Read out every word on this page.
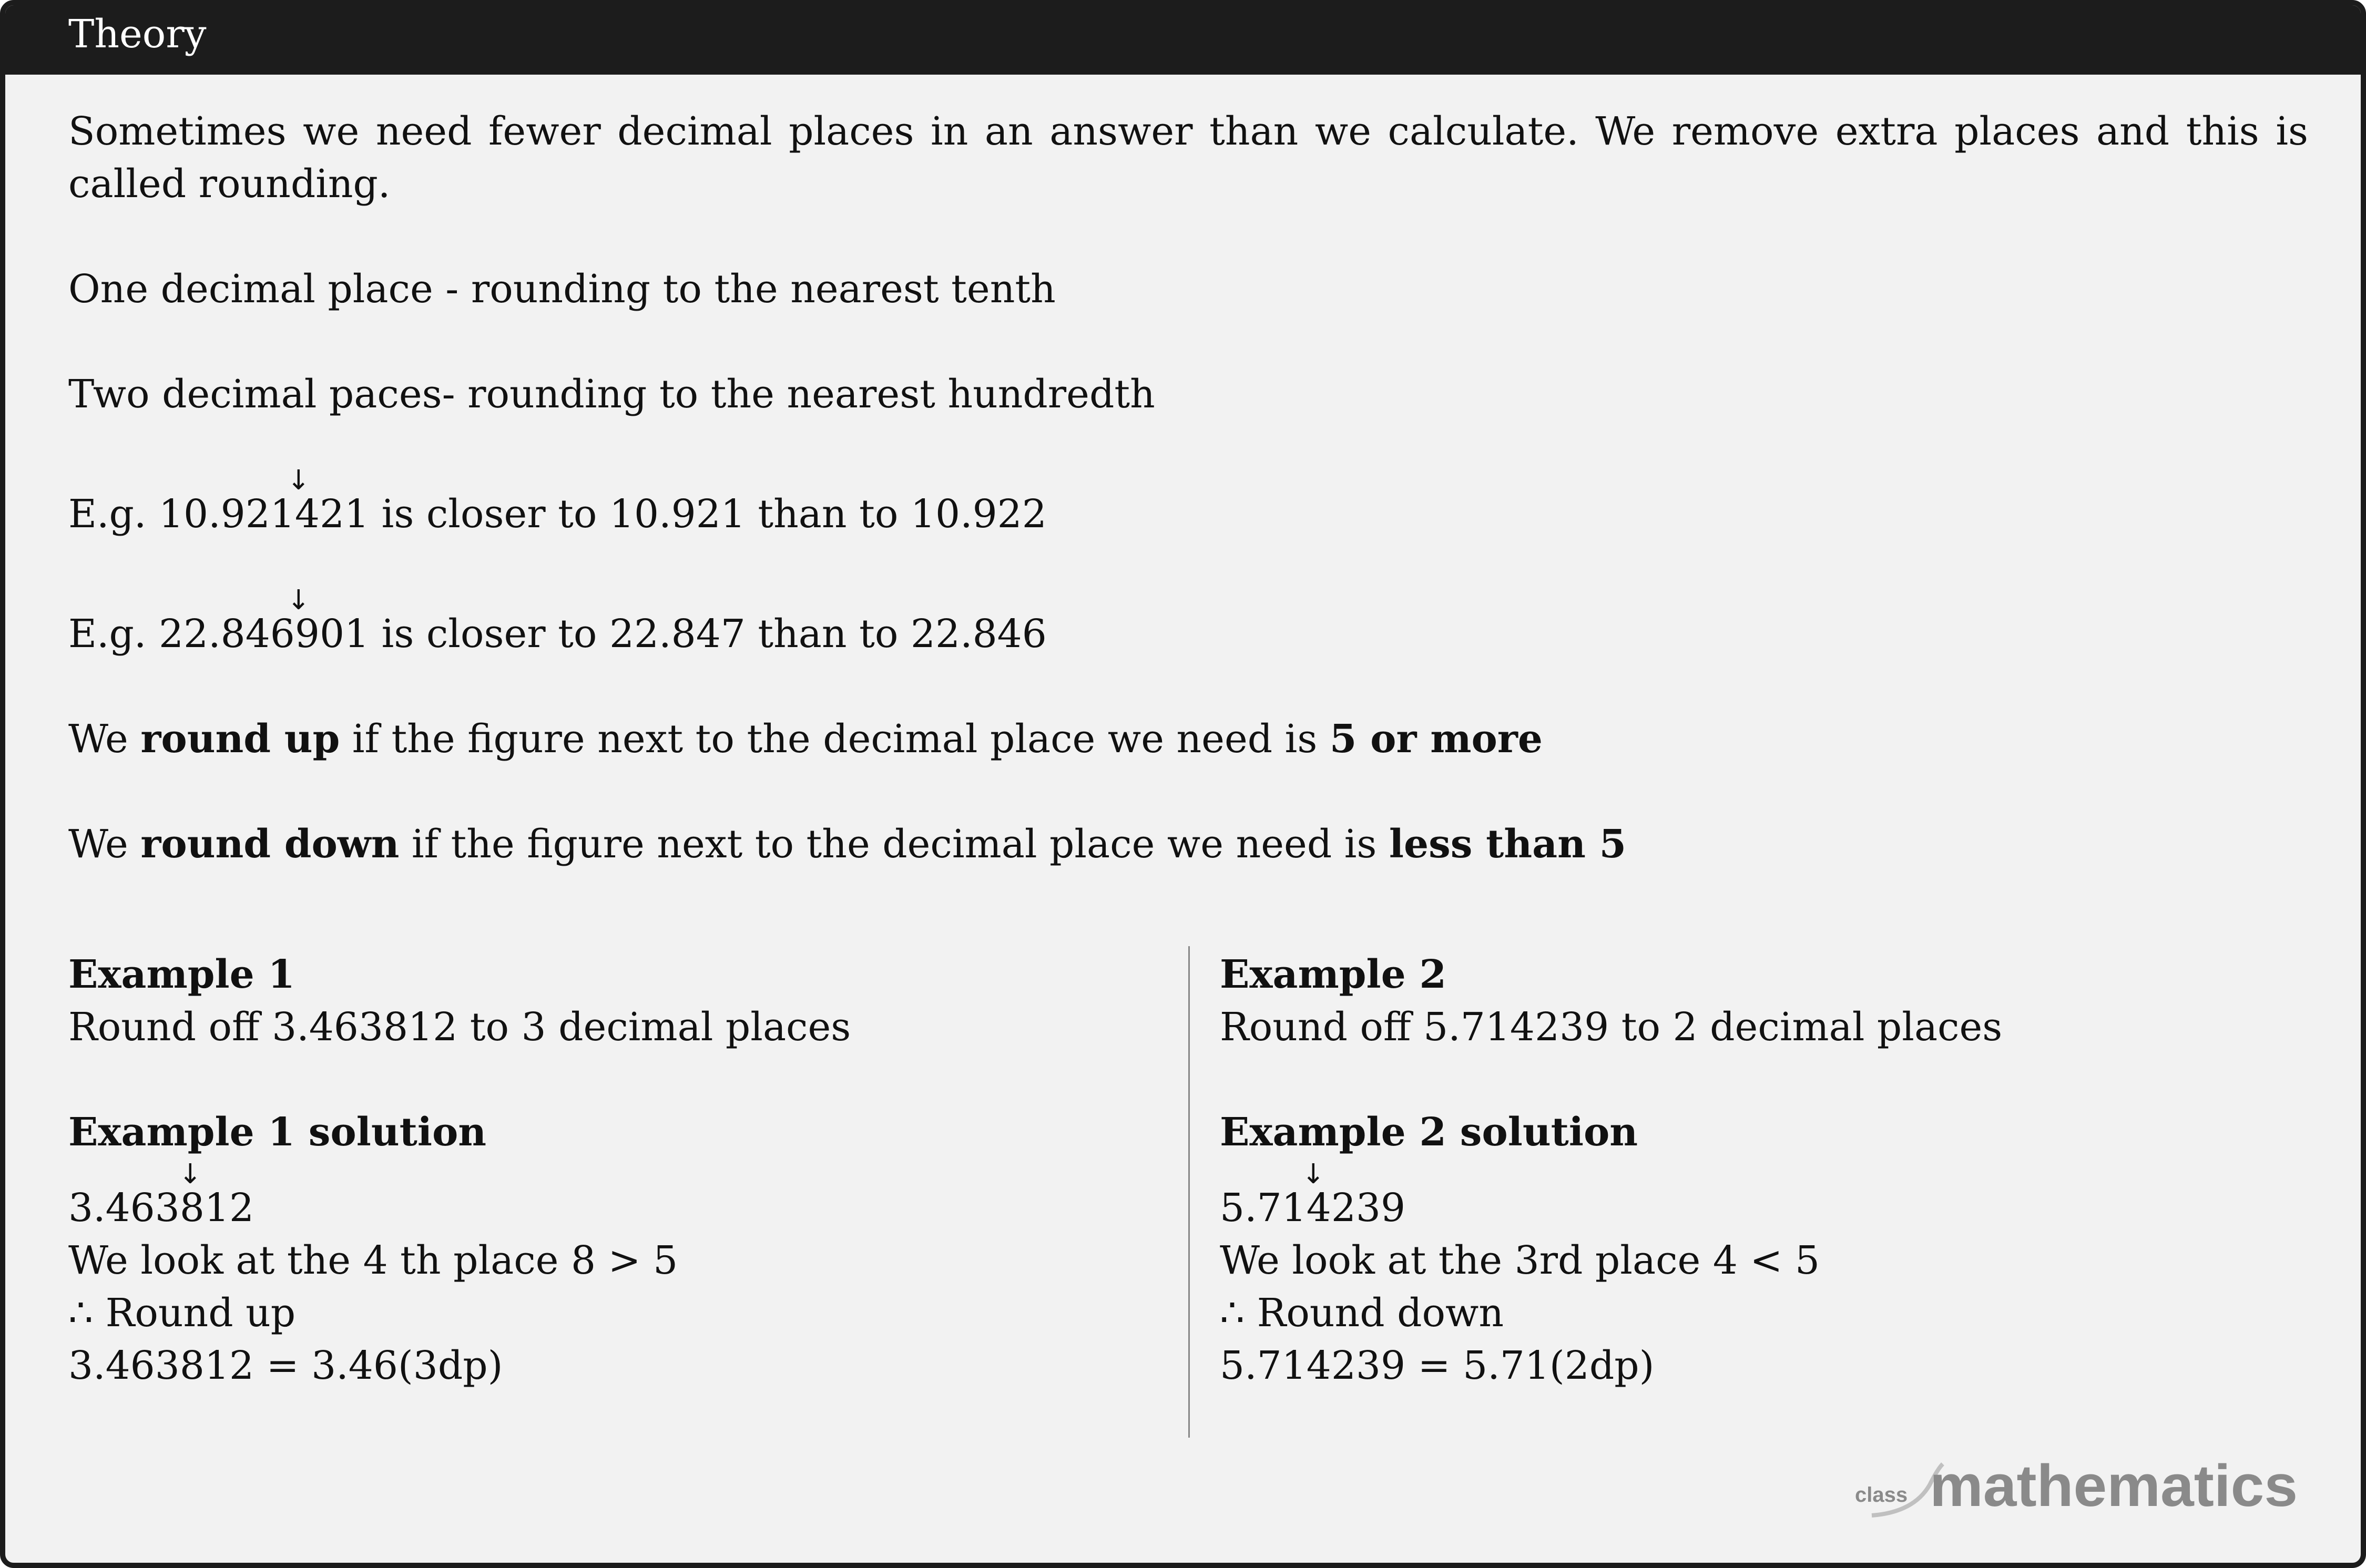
Theory
Sometimes we need fewer decimal places in an answer than we calculate. We remove extra places and this is called rounding.
One decimal place - rounding to the nearest tenth
Two decimal paces- rounding to the nearest hundredth
↓
E.g. 10.921421 is closer to 10.921 than to 10.922
↓
E.g. 22.846901 is closer to 22.847 than to 22.846
We round up if the figure next to the decimal place we need is 5 or more
We round down if the figure next to the decimal place we need is less than 5
Example 1
Round off 3.463812 to 3 decimal places
Example 1 solution
↓
3.463812
We look at the 4 th place 8 > 5
∴ Round up
3.463812 = 3.46(3dp)
Example 2
Round off 5.714239 to 2 decimal places
Example 2 solution
↓
5.714239
We look at the 3rd place 4 < 5
∴ Round down
5.714239 = 5.71(2dp)
class mathematics
